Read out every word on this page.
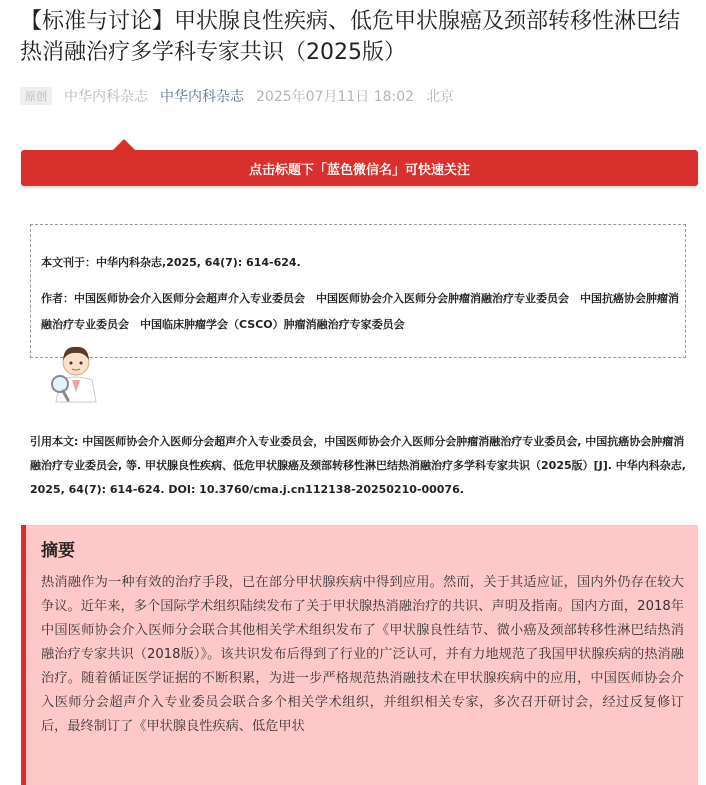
【标准与讨论】甲状腺良性疾病、低危甲状腺癌及颈部转移性淋巴结热消融治疗多学科专家共识（2025版）
原创	中华内科杂志 中华内科杂志 2025年07月11日 18:02 北京
点击标题下「蓝色微信名」可快速关注
本文刊于：中华内科杂志,2025, 64(7): 614-624.
作者：中国医师协会介入医师分会超声介入专业委员会　中国医师协会介入医师分会肿瘤消融治疗专业委员会　中国抗癌协会肿瘤消融治疗专业委员会　中国临床肿瘤学会（CSCO）肿瘤消融治疗专家委员会
引用本文: 中国医师协会介入医师分会超声介入专业委员会，中国医师协会介入医师分会肿瘤消融治疗专业委员会, 中国抗癌协会肿瘤消融治疗专业委员会, 等. 甲状腺良性疾病、低危甲状腺癌及颈部转移性淋巴结热消融治疗多学科专家共识（2025版）[J]. 中华内科杂志, 2025, 64(7): 614-624. DOI: 10.3760/cma.j.cn112138-20250210-00076.
摘要

热消融作为一种有效的治疗手段，已在部分甲状腺疾病中得到应用。然而，关于其适应证，国内外仍存在较大争议。近年来，多个国际学术组织陆续发布了关于甲状腺热消融治疗的共识、声明及指南。国内方面，2018年中国医师协会介入医师分会联合其他相关学术组织发布了《甲状腺良性结节、微小癌及颈部转移性淋巴结热消融治疗专家共识（2018版）》。该共识发布后得到了行业的广泛认可，并有力地规范了我国甲状腺疾病的热消融治疗。随着循证医学证据的不断积累，为进一步严格规范热消融技术在甲状腺疾病中的应用，中国医师协会介入医师分会超声介入专业委员会联合多个相关学术组织，并组织相关专家，多次召开研讨会，经过反复修订后，最终制订了《甲状腺良性疾病、低危甲状
